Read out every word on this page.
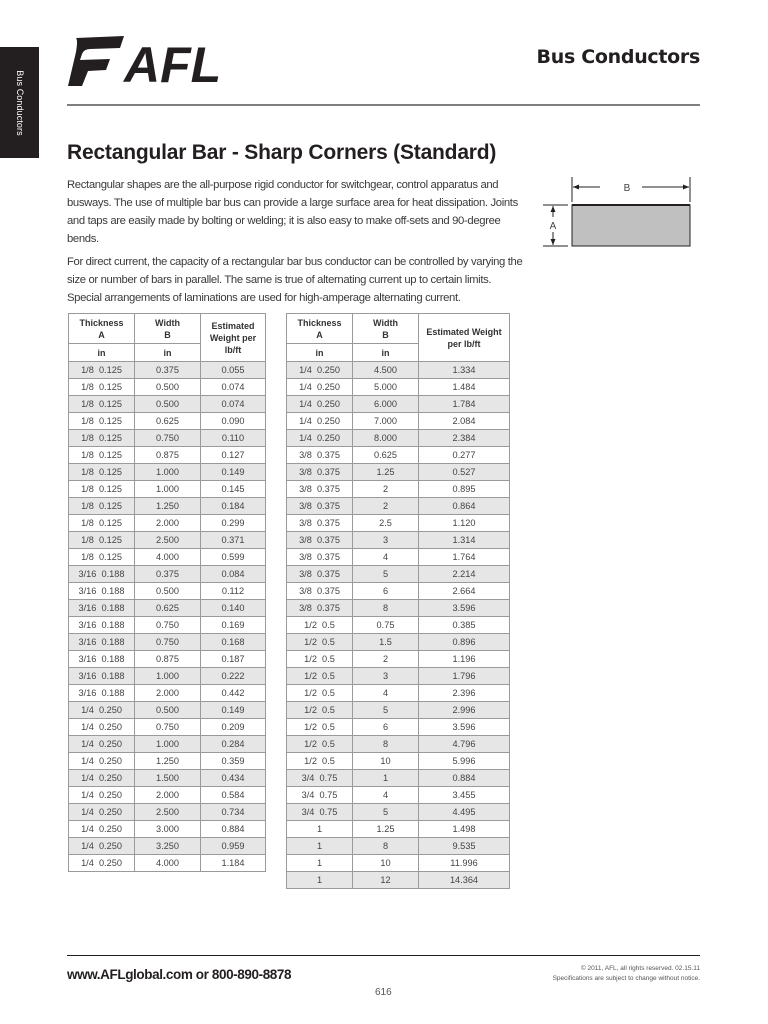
Bus Conductors
AFL	Bus Conductors
Rectangular Bar - Sharp Corners (Standard)

Rectangular shapes are the all-purpose rigid conductor for switchgear, control apparatus and busways. The use of multiple bar bus can provide a large surface area for heat dissipation. Joints and taps are easily made by bolting or welding; it is also easy to make off-sets and 90-degree bends.

For direct current, the capacity of a rectangular bar bus conductor can be controlled by varying the size or number of bars in parallel. The same is true of alternating current up to certain limits. Special arrangements of laminations are used for high-amperage alternating current.

B
A
Thickness
A	Width
B	Estimated Weight per lb/ft
in	in	
1/8  0.125	0.375	0.055
1/8  0.125	0.500	0.074
1/8  0.125	0.500	0.074
1/8  0.125	0.625	0.090
1/8  0.125	0.750	0.110
1/8  0.125	0.875	0.127
1/8  0.125	1.000	0.149
1/8  0.125	1.000	0.145
1/8  0.125	1.250	0.184
1/8  0.125	2.000	0.299
1/8  0.125	2.500	0.371
1/8  0.125	4.000	0.599
3/16  0.188	0.375	0.084
3/16  0.188	0.500	0.112
3/16  0.188	0.625	0.140
3/16  0.188	0.750	0.169
3/16  0.188	0.750	0.168
3/16  0.188	0.875	0.187
3/16  0.188	1.000	0.222
3/16  0.188	2.000	0.442
1/4  0.250	0.500	0.149
1/4  0.250	0.750	0.209
1/4  0.250	1.000	0.284
1/4  0.250	1.250	0.359
1/4  0.250	1.500	0.434
1/4  0.250	2.000	0.584
1/4  0.250	2.500	0.734
1/4  0.250	3.000	0.884
1/4  0.250	3.250	0.959
1/4  0.250	4.000	1.184
Thickness
A	Width
B	Estimated Weight per lb/ft
in	in	
1/4  0.250	4.500	1.334
1/4  0.250	5.000	1.484
1/4  0.250	6.000	1.784
1/4  0.250	7.000	2.084
1/4  0.250	8.000	2.384
3/8  0.375	0.625	0.277
3/8  0.375	1.25	0.527
3/8  0.375	2	0.895
3/8  0.375	2	0.864
3/8  0.375	2.5	1.120
3/8  0.375	3	1.314
3/8  0.375	4	1.764
3/8  0.375	5	2.214
3/8  0.375	6	2.664
3/8  0.375	8	3.596
1/2  0.5	0.75	0.385
1/2  0.5	1.5	0.896
1/2  0.5	2	1.196
1/2  0.5	3	1.796
1/2  0.5	4	2.396
1/2  0.5	5	2.996
1/2  0.5	6	3.596
1/2  0.5	8	4.796
1/2  0.5	10	5.996
3/4  0.75	1	0.884
3/4  0.75	4	3.455
3/4  0.75	5	4.495
1	1.25	1.498
1	8	9.535
1	10	11.996
1	12	14.364
www.AFLglobal.com or 800-890-8878	© 2011, AFL, all rights reserved. 02.15.11
Specifications are subject to change without notice.
616
